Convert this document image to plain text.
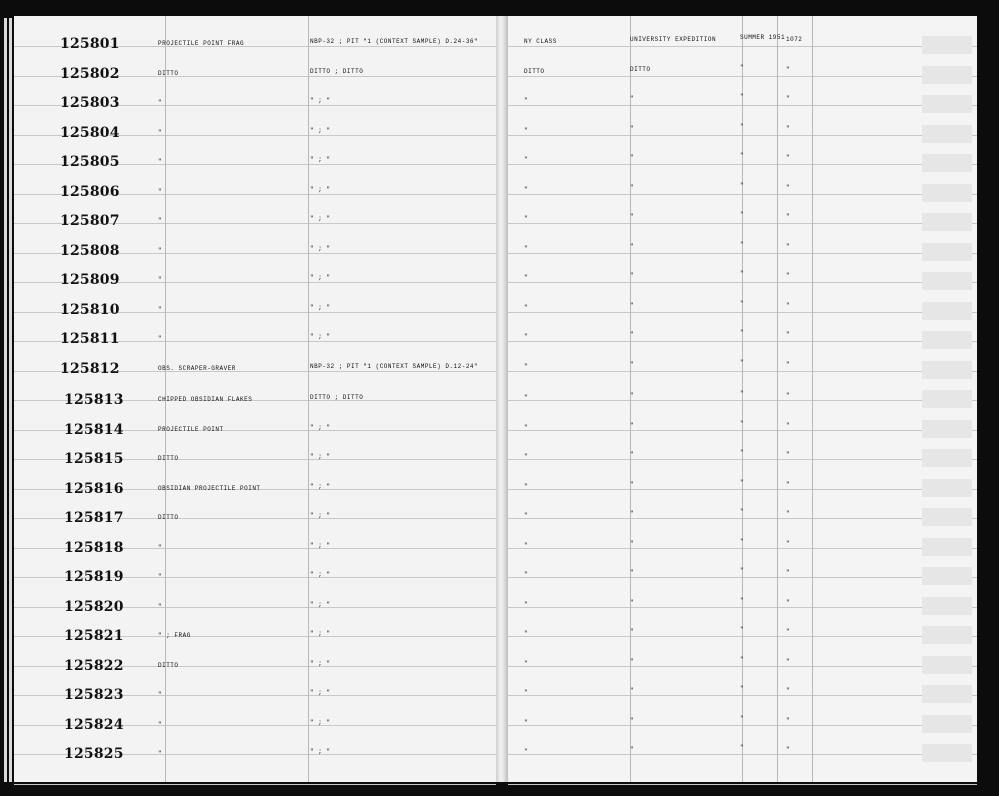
125801	PROJECTILE POINT FRAG	NBP-32 ; PIT "1 (CONTEXT SAMPLE) D.24-36"	NY CLASS	UNIVERSITY EXPEDITION	SUMMER 1951 1072
125802	DITTO	DITTO ; DITTO	DITTO	DITTO	"	"
125803	"	" ; "	"	"	"	"
125804	"	" ; "	"	"	"	"
125805	"	" ; "	"	"	"	"
125806	"	" ; "	"	"	"	"
125807	"	" ; "	"	"	"	"
125808	"	" ; "	"	"	"	"
125809	"	" ; "	"	"	"	"
125810	"	" ; "	"	"	"	"
125811	"	" ; "	"	"	"	"
125812	OBS. SCRAPER-GRAVER	NBP-32 ; PIT "1 (CONTEXT SAMPLE) D.12-24"	"	"	"	"
125813	CHIPPED OBSIDIAN FLAKES	DITTO ; DITTO	"	"	"	"
125814	PROJECTILE POINT	" ; "	"	"	"	"
125815	DITTO	" ; "	"	"	"	"
125816	OBSIDIAN PROJECTILE POINT	" ; "	"	"	"	"
125817	DITTO	" ; "	"	"	"	"
125818	"	" ; "	"	"	"	"
125819	"	" ; "	"	"	"	"
125820	"	" ; "	"	"	"	"
125821	" ; FRAG	" ; "	"	"	"	"
125822	DITTO	" ; "	"	"	"	"
125823	"	" ; "	"	"	"	"
125824	"	" ; "	"	"	"	"
125825	"	" ; "	"	"	"	"
